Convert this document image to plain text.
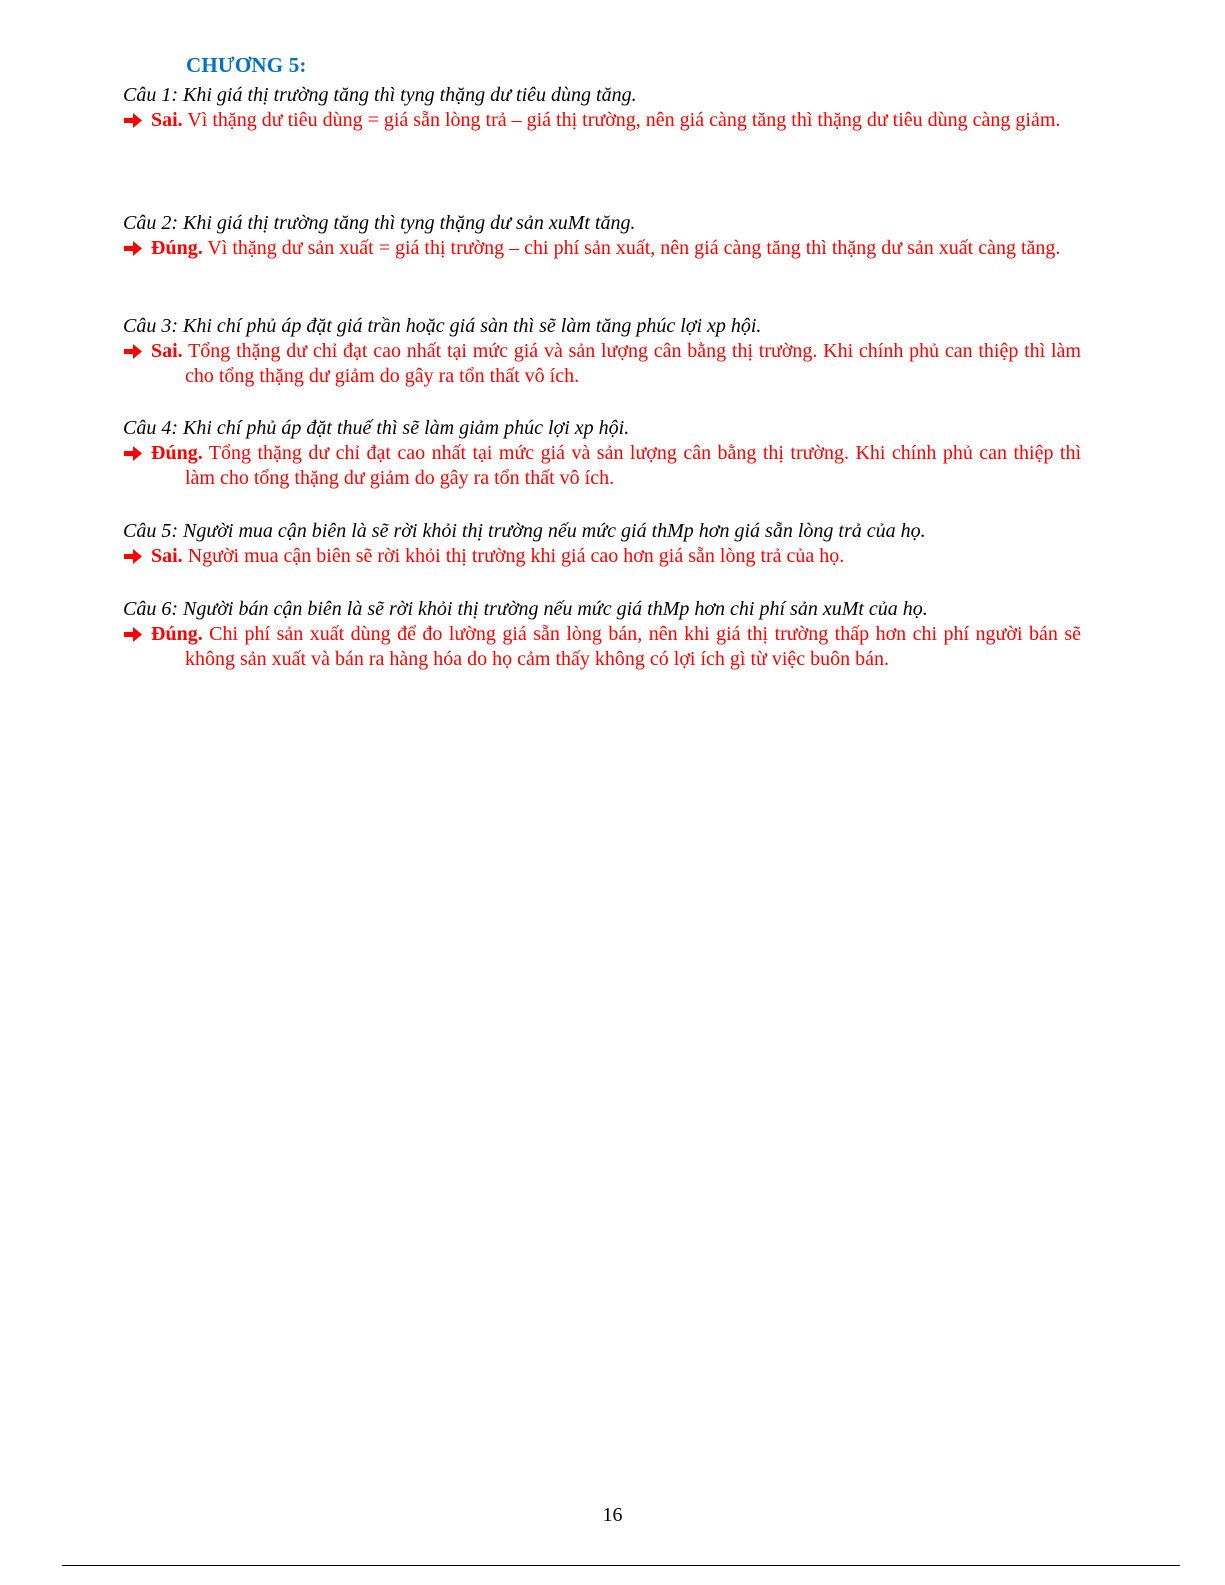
CHƯƠNG 5:

Câu 1: Khi giá thị trường tăng thì tyng thặng dư tiêu dùng tăng.

Sai. Vì thặng dư tiêu dùng = giá sẵn lòng trả – giá thị trường, nên giá càng tăng thì thặng dư tiêu dùng càng giảm.

Câu 2: Khi giá thị trường tăng thì tyng thặng dư sản xuMt tăng.

Đúng. Vì thặng dư sản xuất = giá thị trường – chi phí sản xuất, nên giá càng tăng thì thặng dư sản xuất càng tăng.

Câu 3: Khi chí phủ áp đặt giá trần hoặc giá sàn thì sẽ làm tăng phúc lợi xp hội.

Sai. Tổng thặng dư chỉ đạt cao nhất tại mức giá và sản lượng cân bằng thị trường. Khi chính phủ can thiệp thì làm cho tổng thặng dư giảm do gây ra tổn thất vô ích.

Câu 4: Khi chí phủ áp đặt thuế thì sẽ làm giảm phúc lợi xp hội.

Đúng. Tổng thặng dư chỉ đạt cao nhất tại mức giá và sản lượng cân bằng thị trường. Khi chính phủ can thiệp thì làm cho tổng thặng dư giảm do gây ra tổn thất vô ích.

Câu 5: Người mua cận biên là sẽ rời khỏi thị trường nếu mức giá thMp hơn giá sẵn lòng trả của họ.

Sai. Người mua cận biên sẽ rời khỏi thị trường khi giá cao hơn giá sẵn lòng trả của họ.

Câu 6: Người bán cận biên là sẽ rời khỏi thị trường nếu mức giá thMp hơn chi phí sản xuMt của họ.

Đúng. Chi phí sản xuất dùng để đo lường giá sẵn lòng bán, nên khi giá thị trường thấp hơn chi phí người bán sẽ không sản xuất và bán ra hàng hóa do họ cảm thấy không có lợi ích gì từ việc buôn bán.

16
